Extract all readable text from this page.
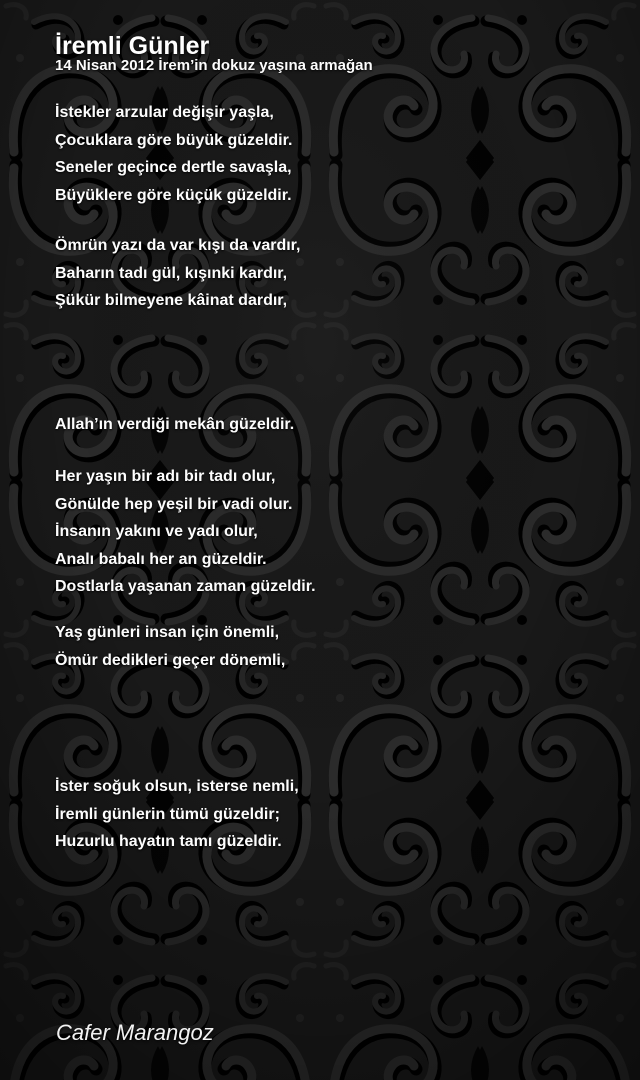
İremli Günler
14 Nisan 2012 İrem’in dokuz yaşına armağan
İstekler arzular değişir yaşla,
Çocuklara göre büyük güzeldir.
Seneler geçince dertle savaşla,
Büyüklere göre küçük güzeldir.
Ömrün yazı da var kışı da vardır,
Baharın tadı gül, kışınki kardır,
Şükür bilmeyene kâinat dardır,
Allah’ın verdiği mekân güzeldir.
Her yaşın bir adı bir tadı olur,
Gönülde hep yeşil bir vadi olur.
İnsanın yakını ve yadı olur,
Analı babalı her an güzeldir.
Dostlarla yaşanan zaman güzeldir.
Yaş günleri insan için önemli,
Ömür dedikleri geçer dönemli,
İster soğuk olsun, isterse nemli,
İremli günlerin tümü güzeldir;
Huzurlu hayatın tamı güzeldir.
Cafer Marangoz
